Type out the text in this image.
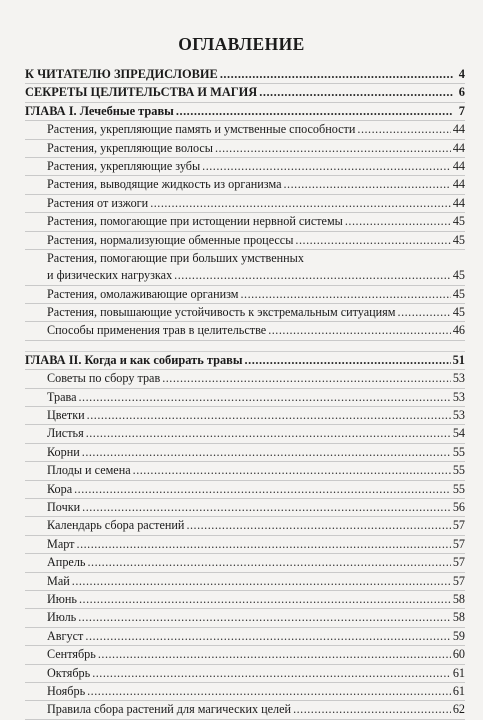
ОГЛАВЛЕНИЕ
К ЧИТАТЕЛЮ ЗПРЕДИСЛОВИЕ .....	4
СЕКРЕТЫ ЦЕЛИТЕЛЬСТВА И МАГИЯ .....	6
ГЛАВА I. Лечебные травы .....	7
Растения, укрепляющие память и умственные способности .....	44
Растения, укрепляющие волосы .....	44
Растения, укрепляющие зубы .....	44
Растения, выводящие жидкость из организма .....	44
Растения от изжоги .....	44
Растения, помогающие при истощении нервной системы .....	45
Растения, нормализующие обменные процессы .....	45
Растения, помогающие при больших умственных
и физических нагрузках .....	45
Растения, омолаживающие организм .....	45
Растения, повышающие устойчивость к экстремальным ситуациям .....	45
Способы применения трав в целительстве .....	46
ГЛАВА II. Когда и как собирать травы .....	51
Советы по сбору трав .....	53
Трава .....	53
Цветки .....	53
Листья .....	54
Корни .....	55
Плоды и семена .....	55
Кора .....	55
Почки .....	56
Календарь сбора растений .....	57
Март .....	57
Апрель .....	57
Май .....	57
Июнь .....	58
Июль .....	58
Август .....	59
Сентябрь .....	60
Октябрь .....	61
Ноябрь .....	61
Правила сбора растений для магических целей .....	62
